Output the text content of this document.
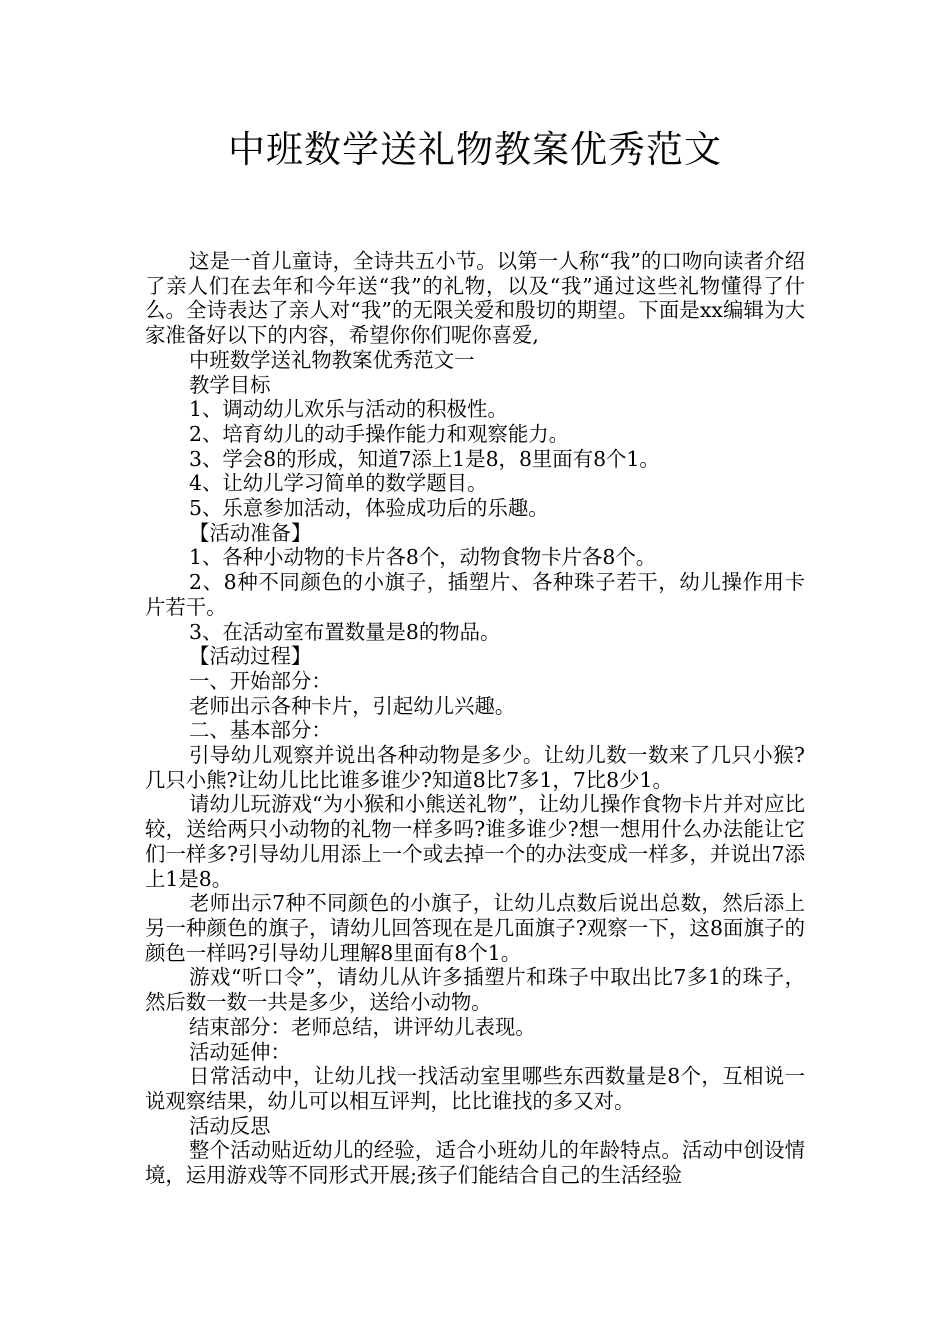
中班数学送礼物教案优秀范文

这是一首儿童诗，全诗共五小节。以第一人称“我”的口吻向读者介绍了亲人们在去年和今年送“我”的礼物，以及“我”通过这些礼物懂得了什么。全诗表达了亲人对“我”的无限关爱和殷切的期望。下面是xx编辑为大家准备好以下的内容，希望你你们呢你喜爱,

中班数学送礼物教案优秀范文一

教学目标

1、调动幼儿欢乐与活动的积极性。

2、培育幼儿的动手操作能力和观察能力。

3、学会8的形成，知道7添上1是8，8里面有8个1。

4、让幼儿学习简单的数学题目。

5、乐意参加活动，体验成功后的乐趣。

【活动准备】

1、各种小动物的卡片各8个，动物食物卡片各8个。

2、8种不同颜色的小旗子，插塑片、各种珠子若干，幼儿操作用卡片若干。

3、在活动室布置数量是8的物品。

【活动过程】

一、开始部分：

老师出示各种卡片，引起幼儿兴趣。

二、基本部分：

引导幼儿观察并说出各种动物是多少。让幼儿数一数来了几只小猴?几只小熊?让幼儿比比谁多谁少?知道8比7多1，7比8少1。

请幼儿玩游戏“为小猴和小熊送礼物”，让幼儿操作食物卡片并对应比较，送给两只小动物的礼物一样多吗?谁多谁少?想一想用什么办法能让它们一样多?引导幼儿用添上一个或去掉一个的办法变成一样多，并说出7添上1是8。

老师出示7种不同颜色的小旗子，让幼儿点数后说出总数，然后添上另一种颜色的旗子，请幼儿回答现在是几面旗子?观察一下，这8面旗子的颜色一样吗?引导幼儿理解8里面有8个1。

游戏“听口令”，请幼儿从许多插塑片和珠子中取出比7多1的珠子，然后数一数一共是多少，送给小动物。

结束部分：老师总结，讲评幼儿表现。

活动延伸：

日常活动中，让幼儿找一找活动室里哪些东西数量是8个，互相说一说观察结果，幼儿可以相互评判，比比谁找的多又对。

活动反思

整个活动贴近幼儿的经验，适合小班幼儿的年龄特点。活动中创设情境，运用游戏等不同形式开展;孩子们能结合自己的生活经验
